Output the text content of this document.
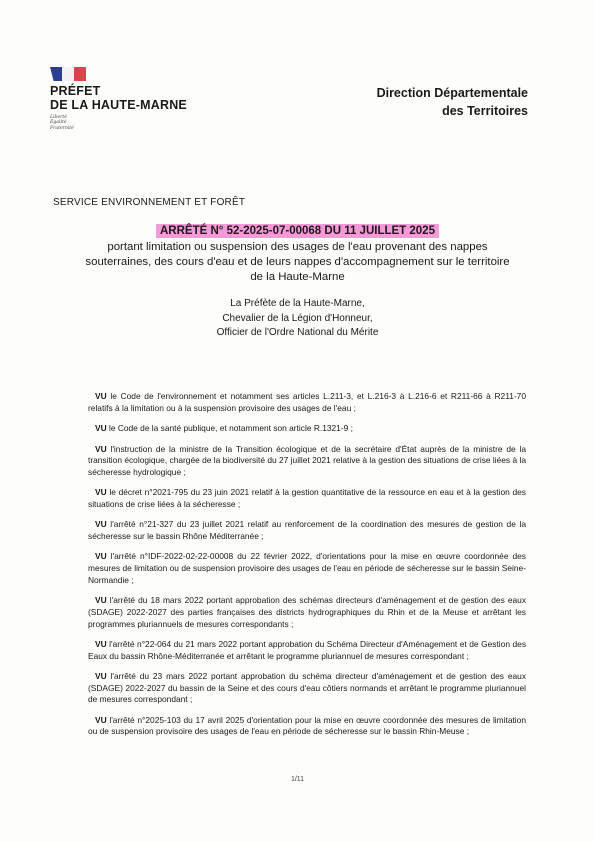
PRÉFET
DE LA HAUTE-MARNE
Liberté
Égalité
Fraternité
Direction Départementale
des Territoires
SERVICE ENVIRONNEMENT ET FORÊT
ARRÊTÉ N° 52-2025-07-00068 DU 11 JUILLET 2025
portant limitation ou suspension des usages de l'eau provenant des nappes
souterraines, des cours d'eau et de leurs nappes d'accompagnement sur le territoire
de la Haute-Marne
La Préfète de la Haute-Marne,
Chevalier de la Légion d'Honneur,
Officier de l'Ordre National du Mérite

VU le Code de l'environnement et notamment ses articles L.211-3, et L.216-3 à L.216-6 et R211-66 à R211-70 relatifs à la limitation ou à la suspension provisoire des usages de l'eau ;

VU le Code de la santé publique, et notamment son article R.1321-9 ;

VU l'instruction de la ministre de la Transition écologique et de la secrétaire d'État auprès de la ministre de la transition écologique, chargée de la biodiversité du 27 juillet 2021 relative à la gestion des situations de crise liées à la sécheresse hydrologique ;

VU le décret n°2021-795 du 23 juin 2021 relatif à la gestion quantitative de la ressource en eau et à la gestion des situations de crise liées à la sécheresse ;

VU l'arrêté n°21-327 du 23 juillet 2021 relatif au renforcement de la coordination des mesures de gestion de la sécheresse sur le bassin Rhône Méditerranée ;

VU l'arrêté n°IDF-2022-02-22-00008 du 22 février 2022, d'orientations pour la mise en œuvre coordonnée des mesures de limitation ou de suspension provisoire des usages de l'eau en période de sécheresse sur le bassin Seine-Normandie ;

VU l'arrêté du 18 mars 2022 portant approbation des schémas directeurs d'aménagement et de gestion des eaux (SDAGE) 2022-2027 des parties françaises des districts hydrographiques du Rhin et de la Meuse et arrêtant les programmes pluriannuels de mesures correspondants ;

VU l'arrêté n°22-064 du 21 mars 2022 portant approbation du Schéma Directeur d'Aménagement et de Gestion des Eaux du bassin Rhône-Méditerranée et arrêtant le programme pluriannuel de mesures correspondant ;

VU l'arrêté du 23 mars 2022 portant approbation du schéma directeur d'aménagement et de gestion des eaux (SDAGE) 2022-2027 du bassin de la Seine et des cours d'eau côtiers normands et arrêtant le programme pluriannuel de mesures correspondant ;

VU l'arrêté n°2025-103 du 17 avril 2025 d'orientation pour la mise en œuvre coordonnée des mesures de limitation ou de suspension provisoire des usages de l'eau en période de sécheresse sur le bassin Rhin-Meuse ;

1/11
